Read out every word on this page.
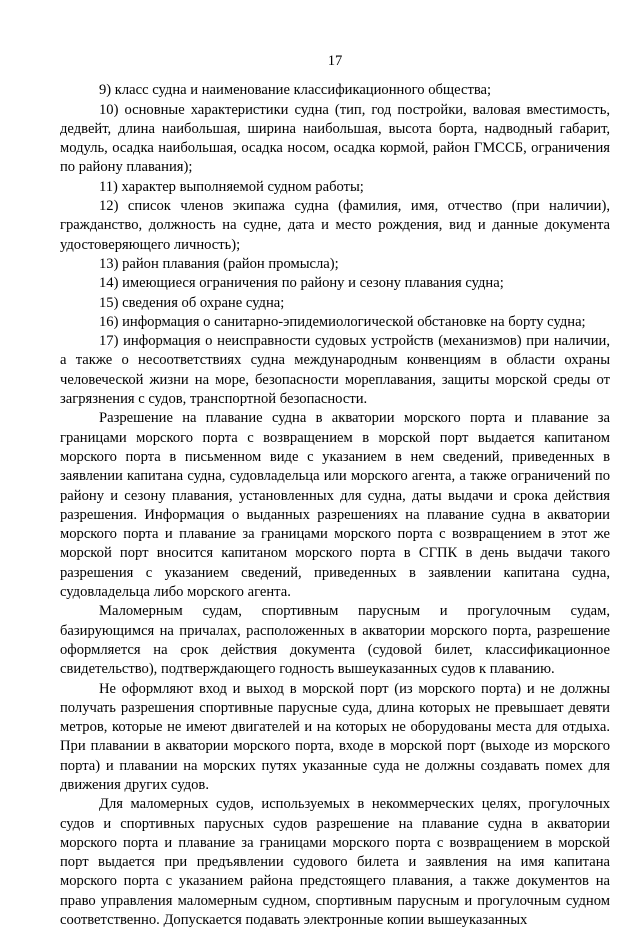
17

9) класс судна и наименование классификационного общества;

10) основные характеристики судна (тип, год постройки, валовая вместимость, дедвейт, длина наибольшая, ширина наибольшая, высота борта, надводный габарит, модуль, осадка наибольшая, осадка носом, осадка кормой, район ГМССБ, ограничения по району плавания);

11) характер выполняемой судном работы;

12) список членов экипажа судна (фамилия, имя, отчество (при наличии), гражданство, должность на судне, дата и место рождения, вид и данные документа удостоверяющего личность);

13) район плавания (район промысла);

14) имеющиеся ограничения по району и сезону плавания судна;

15) сведения об охране судна;

16) информация о санитарно-эпидемиологической обстановке на борту судна;

17) информация о неисправности судовых устройств (механизмов) при наличии, а также о несоответствиях судна международным конвенциям в области охраны человеческой жизни на море, безопасности мореплавания, защиты морской среды от загрязнения с судов, транспортной безопасности.

Разрешение на плавание судна в акватории морского порта и плавание за границами морского порта с возвращением в морской порт выдается капитаном морского порта в письменном виде с указанием в нем сведений, приведенных в заявлении капитана судна, судовладельца или морского агента, а также ограничений по району и сезону плавания, установленных для судна, даты выдачи и срока действия разрешения. Информация о выданных разрешениях на плавание судна в акватории морского порта и плавание за границами морского порта с возвращением в этот же морской порт вносится капитаном морского порта в СГПК в день выдачи такого разрешения с указанием сведений, приведенных в заявлении капитана судна, судовладельца либо морского агента.

Маломерным судам, спортивным парусным и прогулочным судам, базирующимся на причалах, расположенных в акватории морского порта, разрешение оформляется на срок действия документа (судовой билет, классификационное свидетельство), подтверждающего годность вышеуказанных судов к плаванию.

Не оформляют вход и выход в морской порт (из морского порта) и не должны получать разрешения спортивные парусные суда, длина которых не превышает девяти метров, которые не имеют двигателей и на которых не оборудованы места для отдыха. При плавании в акватории морского порта, входе в морской порт (выходе из морского порта) и плавании на морских путях указанные суда не должны создавать помех для движения других судов.

Для маломерных судов, используемых в некоммерческих целях, прогулочных судов и спортивных парусных судов разрешение на плавание судна в акватории морского порта и плавание за границами морского порта с возвращением в морской порт выдается при предъявлении судового билета и заявления на имя капитана морского порта с указанием района предстоящего плавания, а также документов на право управления маломерным судном, спортивным парусным и прогулочным судном соответственно. Допускается подавать электронные копии вышеуказанных
